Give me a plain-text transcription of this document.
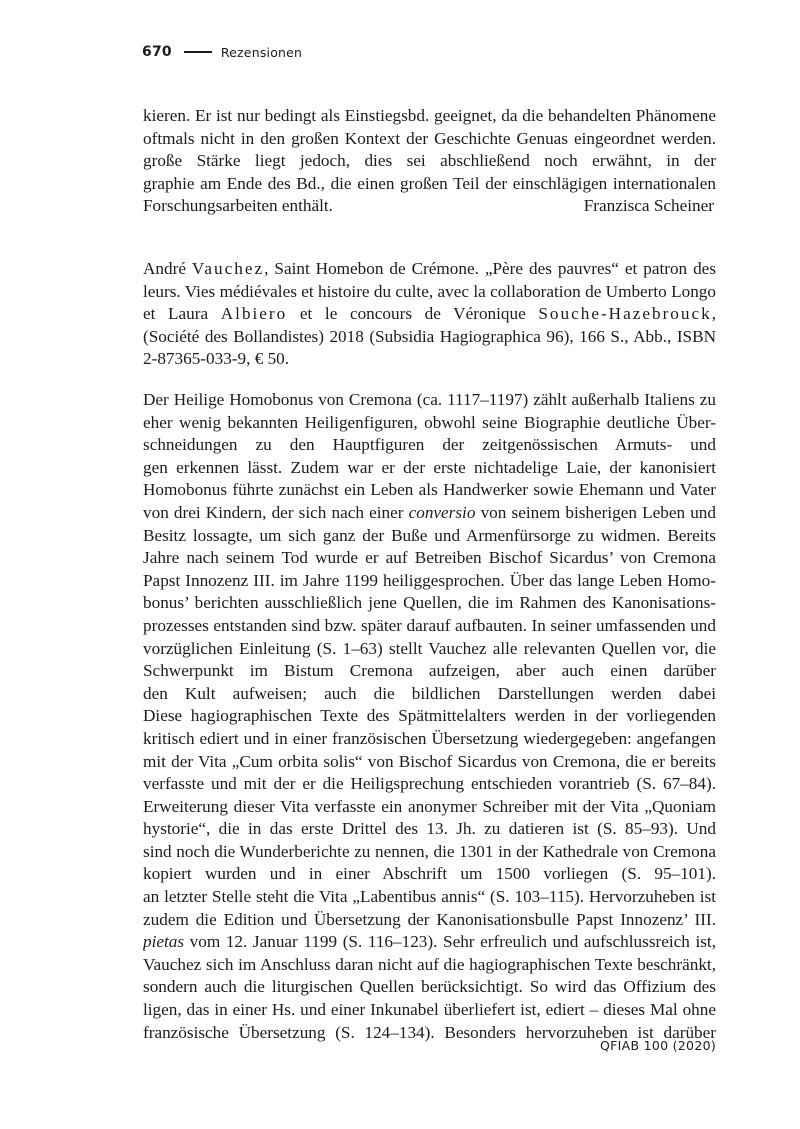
670	Rezensionen
kieren. Er ist nur bedingt als Einstiegsbd. geeignet, da die behandelten Phänomene
oftmals nicht in den großen Kontext der Geschichte Genuas eingeordnet werden.
große Stärke liegt jedoch, dies sei abschließend noch erwähnt, in der
graphie am Ende des Bd., die einen großen Teil der einschlägigen internationalen
Forschungsarbeiten enthält.	Franzisca Scheiner
André Vauchez, Saint Homebon de Crémone. „Père des pauvres“ et patron des
leurs. Vies médiévales et histoire du culte, avec la collaboration de Umberto Longo
et Laura Albiero et le concours de Véronique Souche-Hazebrouck,
(Société des Bollandistes) 2018 (Subsidia Hagiographica 96), 166 S., Abb., ISBN
2-87365-033-9, € 50.
Der Heilige Homobonus von Cremona (ca. 1117–1197) zählt außerhalb Italiens zu
eher wenig bekannten Heiligenfiguren, obwohl seine Biographie deutliche Über-
schneidungen zu den Hauptfiguren der zeitgenössischen Armuts- und
gen erkennen lässt. Zudem war er der erste nichtadelige Laie, der kanonisiert
Homobonus führte zunächst ein Leben als Handwerker sowie Ehemann und Vater
von drei Kindern, der sich nach einer conversio von seinem bisherigen Leben und
Besitz lossagte, um sich ganz der Buße und Armenfürsorge zu widmen. Bereits
Jahre nach seinem Tod wurde er auf Betreiben Bischof Sicardus’ von Cremona
Papst Innozenz III. im Jahre 1199 heiliggesprochen. Über das lange Leben Homo-
bonus’ berichten ausschließlich jene Quellen, die im Rahmen des Kanonisations-
prozesses entstanden sind bzw. später darauf aufbauten. In seiner umfassenden und
vorzüglichen Einleitung (S. 1–63) stellt Vauchez alle relevanten Quellen vor, die
Schwerpunkt im Bistum Cremona aufzeigen, aber auch einen darüber
den Kult aufweisen; auch die bildlichen Darstellungen werden dabei
Diese hagiographischen Texte des Spätmittelalters werden in der vorliegenden
kritisch ediert und in einer französischen Übersetzung wiedergegeben: angefangen
mit der Vita „Cum orbita solis“ von Bischof Sicardus von Cremona, die er bereits
verfasste und mit der er die Heiligsprechung entschieden vorantrieb (S. 67–84).
Erweiterung dieser Vita verfasste ein anonymer Schreiber mit der Vita „Quoniam
hystorie“, die in das erste Drittel des 13. Jh. zu datieren ist (S. 85–93). Und
sind noch die Wunderberichte zu nennen, die 1301 in der Kathedrale von Cremona
kopiert wurden und in einer Abschrift um 1500 vorliegen (S. 95–101).
an letzter Stelle steht die Vita „Labentibus annis“ (S. 103–115). Hervorzuheben ist
zudem die Edition und Übersetzung der Kanonisationsbulle Papst Innozenz’ III.
pietas vom 12. Januar 1199 (S. 116–123). Sehr erfreulich und aufschlussreich ist,
Vauchez sich im Anschluss daran nicht auf die hagiographischen Texte beschränkt,
sondern auch die liturgischen Quellen berücksichtigt. So wird das Offizium des
ligen, das in einer Hs. und einer Inkunabel überliefert ist, ediert – dieses Mal ohne
französische Übersetzung (S. 124–134). Besonders hervorzuheben ist darüber
QFIAB 100 (2020)
